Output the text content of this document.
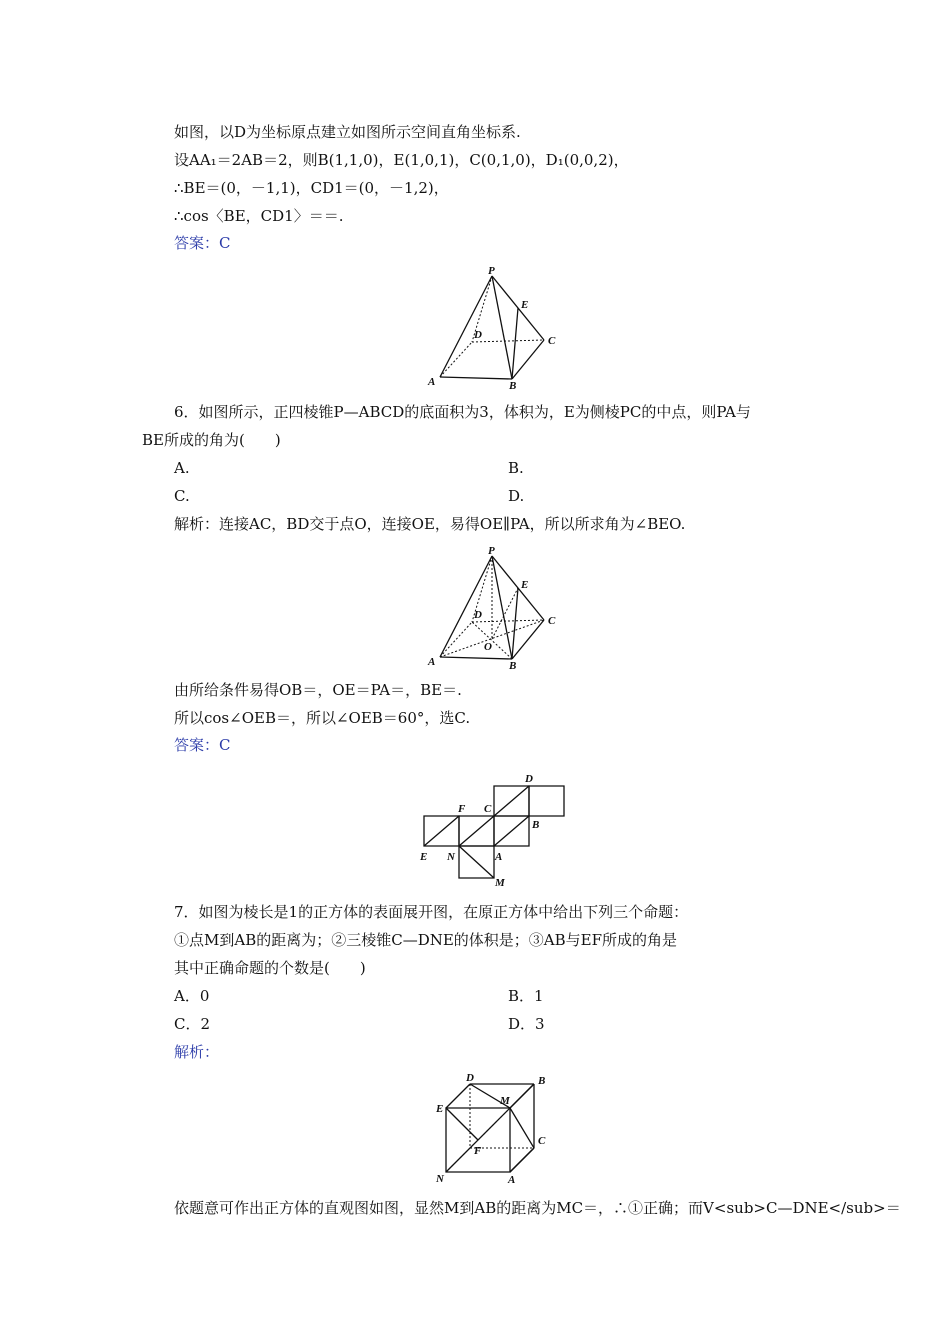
如图，以D为坐标原点建立如图所示空间直角坐标系.
设AA₁＝2AB＝2，则B(1,1,0)，E(1,0,1)，C(0,1,0)，D₁(0,0,2)，
∴BE＝(0，－1,1)，CD1＝(0，－1,2)，
∴cos〈BE，CD1〉＝＝.
答案：C
P
E
D	C
A	B
6．如图所示，正四棱锥P—ABCD的底面积为3，体积为，E为侧棱PC的中点，则PA与
BE所成的角为(　　)
A.	B.
C.	D.
解析：连接AC，BD交于点O，连接OE，易得OE∥PA，所以所求角为∠BEO.
P
E
D	C
O
A	B
由所给条件易得OB＝，OE＝PA＝，BE＝.
所以cos∠OEB＝，所以∠OEB＝60°，选C.
答案：C
D
F C
B
E N	A
M
7．如图为棱长是1的正方体的表面展开图，在原正方体中给出下列三个命题：
①点M到AB的距离为；②三棱锥C—DNE的体积是；③AB与EF所成的角是
其中正确命题的个数是(　　)
A．0	B．1
C．2	D．3
解析：
D	B
E
M
C
F
N	A
依题意可作出正方体的直观图如图，显然M到AB的距离为MC＝，∴①正确；而V<sub>C—DNE</sub>＝
